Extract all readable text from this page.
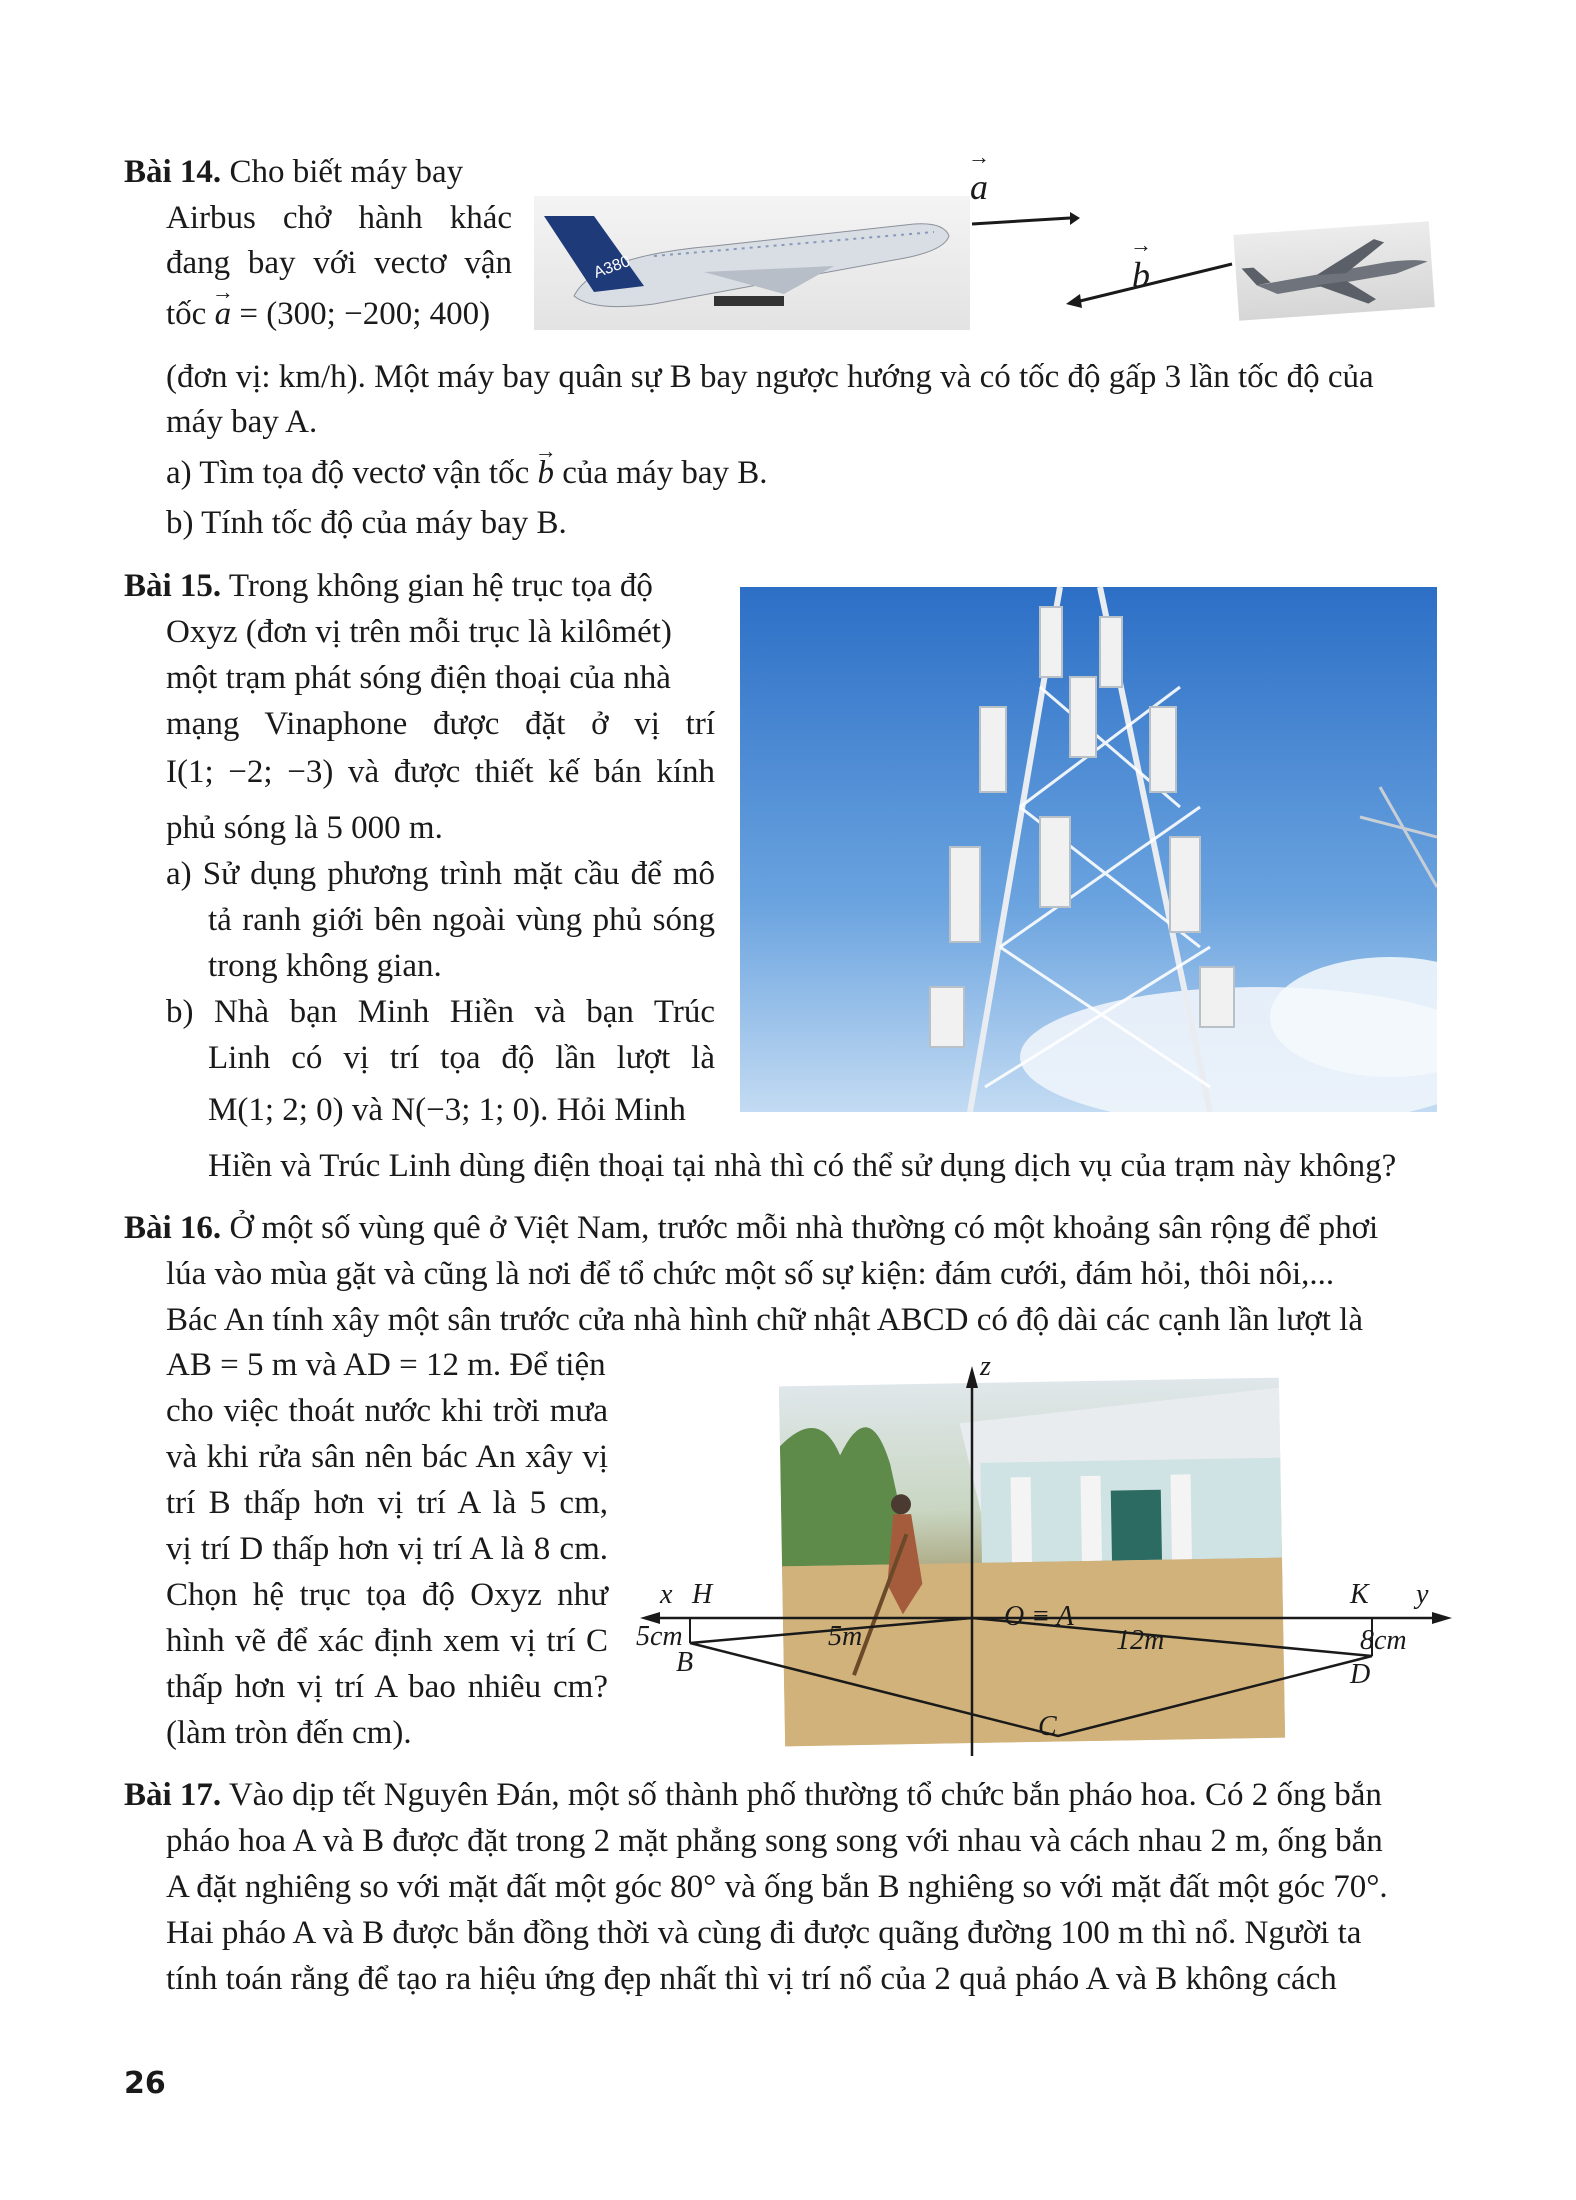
Bài 14. Cho biết máy bay
Airbus chở hành khác
đang bay với vectơ vận
tốc → a = (300; −200; 400)
A380
→ a
→ b
(đơn vị: km/h). Một máy bay quân sự B bay ngược hướng và có tốc độ gấp 3 lần tốc độ của
máy bay A.
a) Tìm tọa độ vectơ vận tốc → b của máy bay B.
b) Tính tốc độ của máy bay B.
Bài 15. Trong không gian hệ trục tọa độ
Oxyz (đơn vị trên mỗi trục là kilômét)
một trạm phát sóng điện thoại của nhà
mạng Vinaphone được đặt ở vị trí
I(1; −2; −3) và được thiết kế bán kính
phủ sóng là 5 000 m.
a) Sử dụng phương trình mặt cầu để mô
tả ranh giới bên ngoài vùng phủ sóng
trong không gian.
b) Nhà bạn Minh Hiền và bạn Trúc
Linh có vị trí tọa độ lần lượt là
M(1; 2; 0) và N(−3; 1; 0). Hỏi Minh
Hiền và Trúc Linh dùng điện thoại tại nhà thì có thể sử dụng dịch vụ của trạm này không?
Bài 16. Ở một số vùng quê ở Việt Nam, trước mỗi nhà thường có một khoảng sân rộng để phơi
lúa vào mùa gặt và cũng là nơi để tổ chức một số sự kiện: đám cưới, đám hỏi, thôi nôi,...
Bác An tính xây một sân trước cửa nhà hình chữ nhật ABCD có độ dài các cạnh lần lượt là
AB = 5 m và AD = 12 m. Để tiện
cho việc thoát nước khi trời mưa
và khi rửa sân nên bác An xây vị
trí B thấp hơn vị trí A là 5 cm,
vị trí D thấp hơn vị trí A là 8 cm.
Chọn hệ trục tọa độ Oxyz như
hình vẽ để xác định xem vị trí C
thấp hơn vị trí A bao nhiêu cm?
(làm tròn đến cm).
z
x H	K y
5cm
B
5m
O ≡ A
12m	8cm
D
C
Bài 17. Vào dịp tết Nguyên Đán, một số thành phố thường tổ chức bắn pháo hoa. Có 2 ống bắn
pháo hoa A và B được đặt trong 2 mặt phẳng song song với nhau và cách nhau 2 m, ống bắn
A đặt nghiêng so với mặt đất một góc 80° và ống bắn B nghiêng so với mặt đất một góc 70°.
Hai pháo A và B được bắn đồng thời và cùng đi được quãng đường 100 m thì nổ. Người ta
tính toán rằng để tạo ra hiệu ứng đẹp nhất thì vị trí nổ của 2 quả pháo A và B không cách
26
